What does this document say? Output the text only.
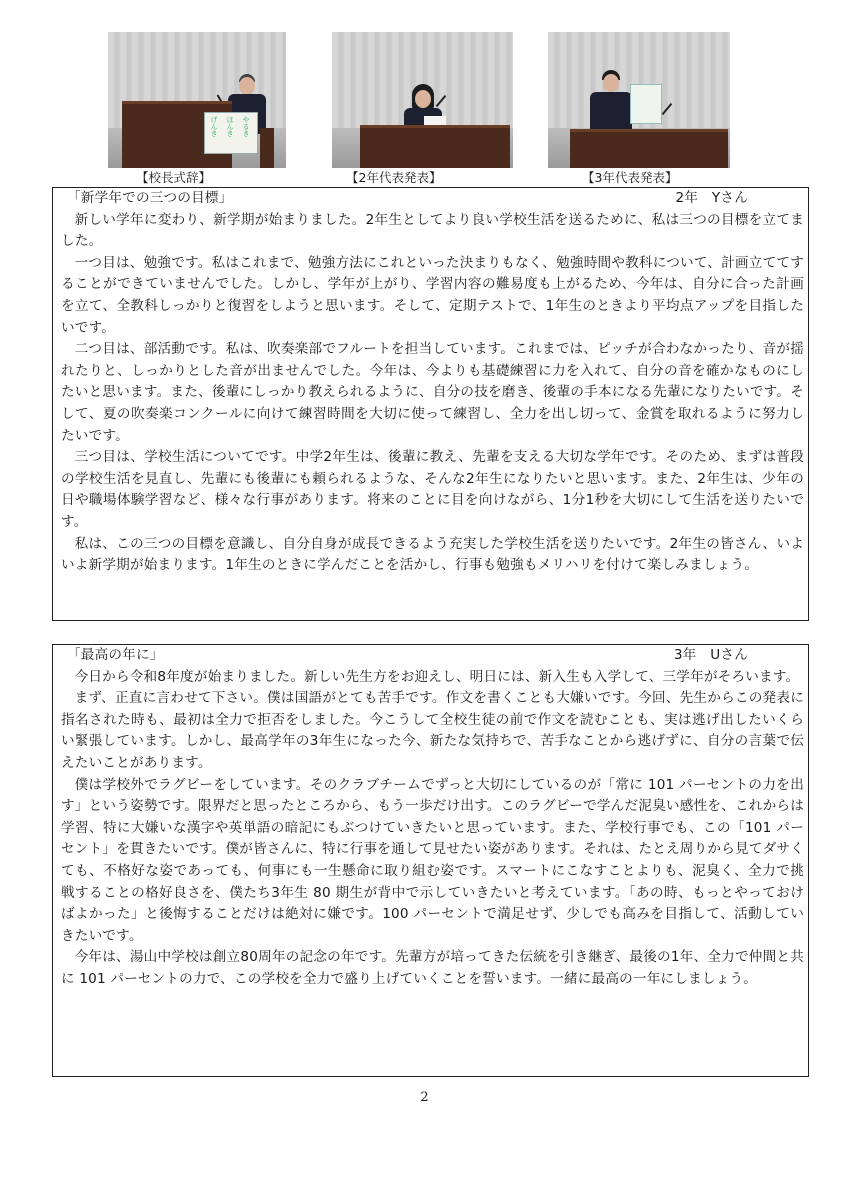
げんき ほんき やるき
【校長式辞】	【2年代表発表】	【3年代表発表】
「新学年での三つの目標」	2年　Yさん

新しい学年に変わり、新学期が始まりました。2年生としてより良い学校生活を送るために、私は三つの目標を立てました。

一つ目は、勉強です。私はこれまで、勉強方法にこれといった決まりもなく、勉強時間や教科について、計画立ててすることができていませんでした。しかし、学年が上がり、学習内容の難易度も上がるため、今年は、自分に合った計画を立て、全教科しっかりと復習をしようと思います。そして、定期テストで、1年生のときより平均点アップを目指したいです。

二つ目は、部活動です。私は、吹奏楽部でフルートを担当しています。これまでは、ピッチが合わなかったり、音が揺れたりと、しっかりとした音が出ませんでした。今年は、今よりも基礎練習に力を入れて、自分の音を確かなものにしたいと思います。また、後輩にしっかり教えられるように、自分の技を磨き、後輩の手本になる先輩になりたいです。そして、夏の吹奏楽コンクールに向けて練習時間を大切に使って練習し、全力を出し切って、金賞を取れるように努力したいです。

三つ目は、学校生活についてです。中学2年生は、後輩に教え、先輩を支える大切な学年です。そのため、まずは普段の学校生活を見直し、先輩にも後輩にも頼られるような、そんな2年生になりたいと思います。また、2年生は、少年の日や職場体験学習など、様々な行事があります。将来のことに目を向けながら、1分1秒を大切にして生活を送りたいです。

私は、この三つの目標を意識し、自分自身が成長できるよう充実した学校生活を送りたいです。2年生の皆さん、いよいよ新学期が始まります。1年生のときに学んだことを活かし、行事も勉強もメリハリを付けて楽しみましょう。

「最高の年に」	3年　Uさん

今日から令和8年度が始まりました。新しい先生方をお迎えし、明日には、新入生も入学して、三学年がそろいます。

まず、正直に言わせて下さい。僕は国語がとても苦手です。作文を書くことも大嫌いです。今回、先生からこの発表に指名された時も、最初は全力で拒否をしました。今こうして全校生徒の前で作文を読むことも、実は逃げ出したいくらい緊張しています。しかし、最高学年の3年生になった今、新たな気持ちで、苦手なことから逃げずに、自分の言葉で伝えたいことがあります。

僕は学校外でラグビーをしています。そのクラブチームでずっと大切にしているのが「常に 101 パーセントの力を出す」という姿勢です。限界だと思ったところから、もう一歩だけ出す。このラグビーで学んだ泥臭い感性を、これからは学習、特に大嫌いな漢字や英単語の暗記にもぶつけていきたいと思っています。また、学校行事でも、この「101 パーセント」を貫きたいです。僕が皆さんに、特に行事を通して見せたい姿があります。それは、たとえ周りから見てダサくても、不格好な姿であっても、何事にも一生懸命に取り組む姿です。スマートにこなすことよりも、泥臭く、全力で挑戦することの格好良さを、僕たち3年生 80 期生が背中で示していきたいと考えています。「あの時、もっとやっておけばよかった」と後悔することだけは絶対に嫌です。100 パーセントで満足せず、少しでも高みを目指して、活動していきたいです。

今年は、湯山中学校は創立80周年の記念の年です。先輩方が培ってきた伝統を引き継ぎ、最後の1年、全力で仲間と共に 101 パーセントの力で、この学校を全力で盛り上げていくことを誓います。一緒に最高の一年にしましょう。

2
